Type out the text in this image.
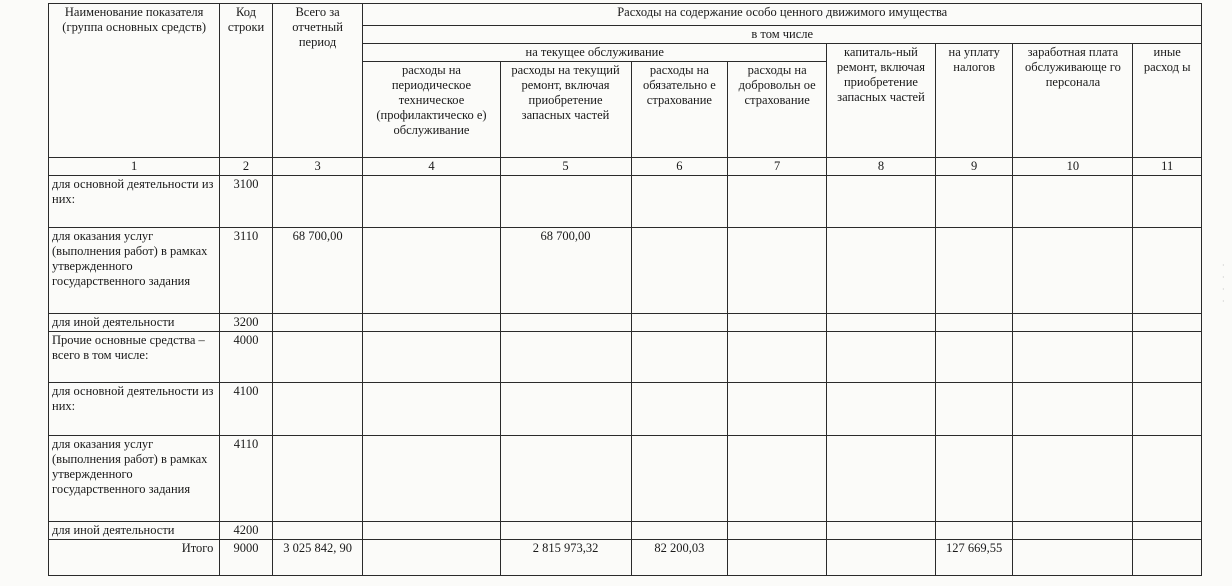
Наименование показателя (группа основных средств)	Код строки	Всего за отчетный период	Расходы на содержание особо ценного движимого имущества							
			в том числе							
			на текущее обслуживание				капиталь-ный ремонт, включая приобретение запасных частей	на уплату налогов	заработная плата обслуживающе го персонала	иные расход ы
			расходы на периодическое техническое (профилактическо е) обслуживание	расходы на текущий ремонт, включая приобретение запасных частей	расходы на обязательно е страхование	расходы на добровольн ое страхование				
1	2	3	4	5	6	7	8	9	10	11
для основной деятельности из них:	3100									
для оказания услуг (выполнения работ) в рамках утвержденного государственного задания	3110	68 700,00		68 700,00						
для иной деятельности	3200									
Прочие основные средства – всего в том числе:	4000									
для основной деятельности из них:	4100									
для оказания услуг (выполнения работ) в рамках утвержденного государственного задания	4110									
для иной деятельности	4200									
Итого	9000	3 025 842, 90		2 815 973,32	82 200,03			127 669,55		
·
·
·
·
